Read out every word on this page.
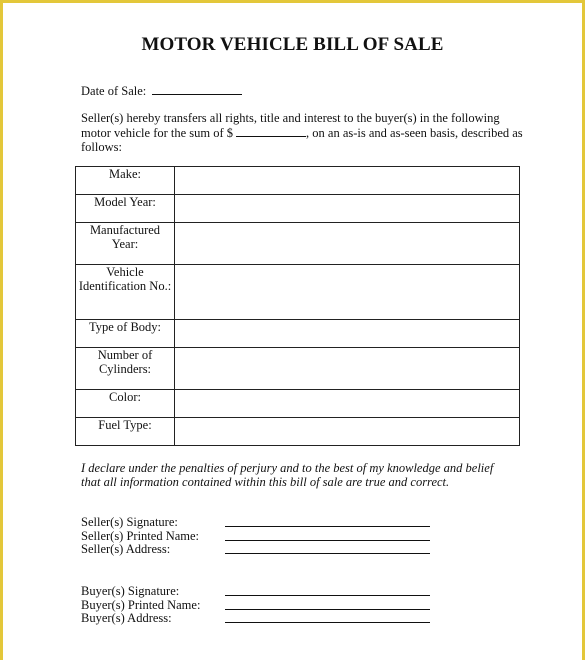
MOTOR VEHICLE BILL OF SALE
Date of Sale:
Seller(s) hereby transfers all rights, title and interest to the buyer(s) in the following
motor vehicle for the sum of $	, on an as-is and as-seen basis, described as
follows:
Make:	
Model Year:	
Manufactured Year:	
Vehicle Identification No.:	
Type of Body:	
Number of Cylinders:	
Color:	
Fuel Type:	
I declare under the penalties of perjury and to the best of my knowledge and belief that all information contained within this bill of sale are true and correct.
Seller(s) Signature:
Seller(s) Printed Name:
Seller(s) Address:
Buyer(s) Signature:
Buyer(s) Printed Name:
Buyer(s) Address:
